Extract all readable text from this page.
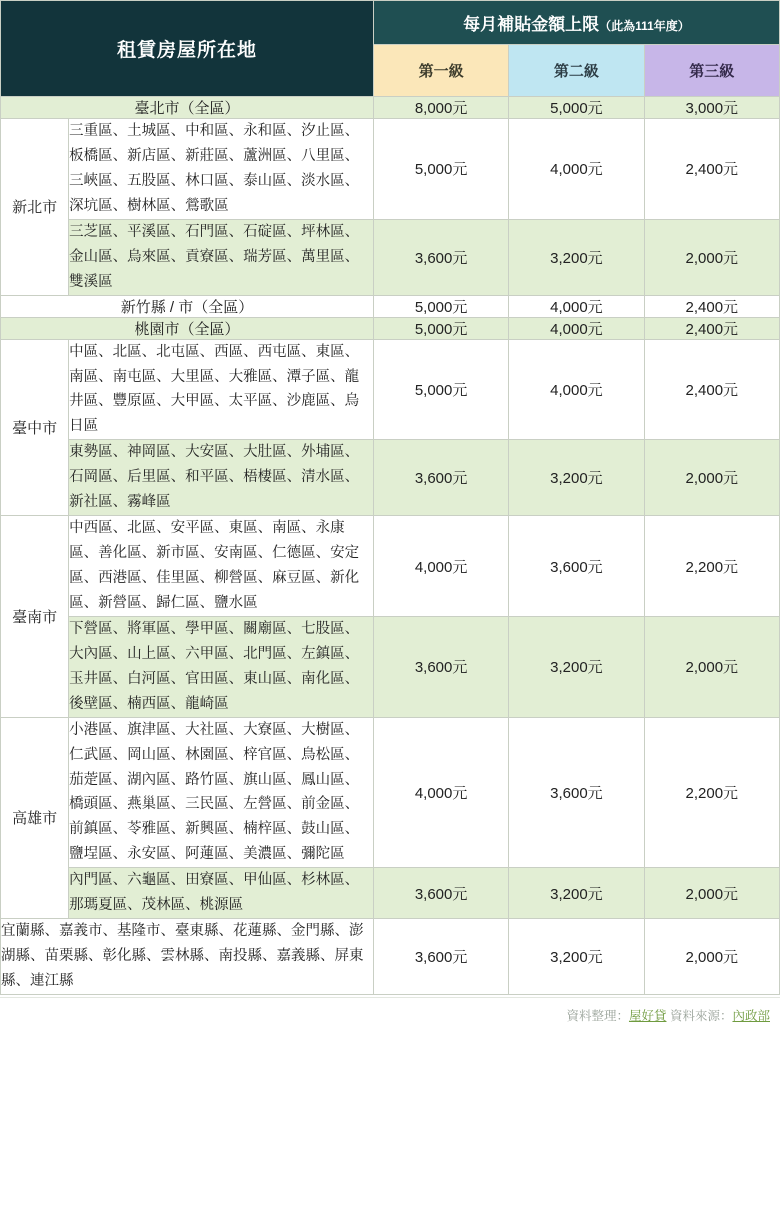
租賃房屋所在地		每月補貼金額上限（此為111年度）		
		第一級	第二級	第三級
臺北市（全區）		8,000元	5,000元	3,000元
新北市	三重區、土城區、中和區、永和區、汐止區、板橋區、新店區、新莊區、蘆洲區、八里區、三峽區、五股區、林口區、泰山區、淡水區、深坑區、樹林區、鶯歌區	5,000元	4,000元	2,400元
	三芝區、平溪區、石門區、石碇區、坪林區、金山區、烏來區、貢寮區、瑞芳區、萬里區、雙溪區	3,600元	3,200元	2,000元
新竹縣 / 市（全區）		5,000元	4,000元	2,400元
桃園市（全區）		5,000元	4,000元	2,400元
臺中市	中區、北區、北屯區、西區、西屯區、東區、南區、南屯區、大里區、大雅區、潭子區、龍井區、豐原區、大甲區、太平區、沙鹿區、烏日區	5,000元	4,000元	2,400元
	東勢區、神岡區、大安區、大肚區、外埔區、石岡區、后里區、和平區、梧棲區、清水區、新社區、霧峰區	3,600元	3,200元	2,000元
臺南市	中西區、北區、安平區、東區、南區、永康區、善化區、新市區、安南區、仁德區、安定區、西港區、佳里區、柳營區、麻豆區、新化區、新營區、歸仁區、鹽水區	4,000元	3,600元	2,200元
	下營區、將軍區、學甲區、關廟區、七股區、大內區、山上區、六甲區、北門區、左鎮區、玉井區、白河區、官田區、東山區、南化區、後壁區、楠西區、龍崎區	3,600元	3,200元	2,000元
高雄市	小港區、旗津區、大社區、大寮區、大樹區、仁武區、岡山區、林園區、梓官區、鳥松區、茄萣區、湖內區、路竹區、旗山區、鳳山區、橋頭區、燕巢區、三民區、左營區、前金區、前鎮區、苓雅區、新興區、楠梓區、鼓山區、鹽埕區、永安區、阿蓮區、美濃區、彌陀區	4,000元	3,600元	2,200元
	內門區、六龜區、田寮區、甲仙區、杉林區、那瑪夏區、茂林區、桃源區	3,600元	3,200元	2,000元
宜蘭縣、嘉義市、基隆市、臺東縣、花蓮縣、金門縣、澎湖縣、苗栗縣、彰化縣、雲林縣、南投縣、嘉義縣、屏東縣、連江縣		3,600元	3,200元	2,000元
資料整理：屋好貸 資料來源：內政部
